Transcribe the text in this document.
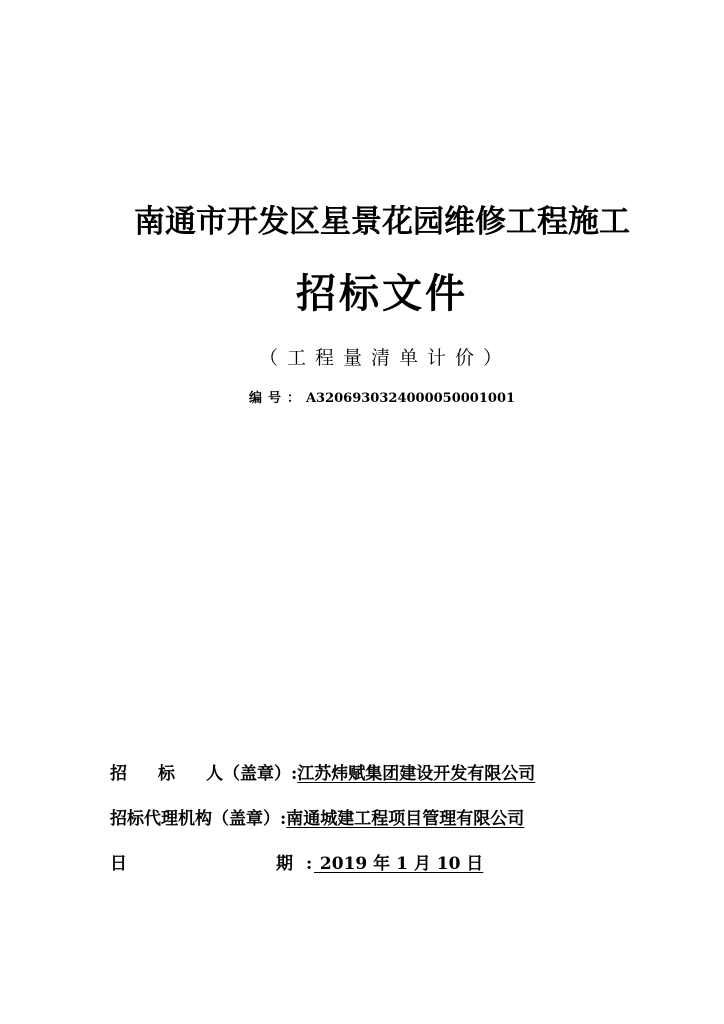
南通市开发区星景花园维修工程施工
招标文件
（工程量清单计价）
编号：A3206930324000050001001
招 标 人（盖章）:江苏炜赋集团建设开发有限公司
招标代理机构（盖章）:南通城建工程项目管理有限公司
日	期 : 2019 年 1 月 10 日
